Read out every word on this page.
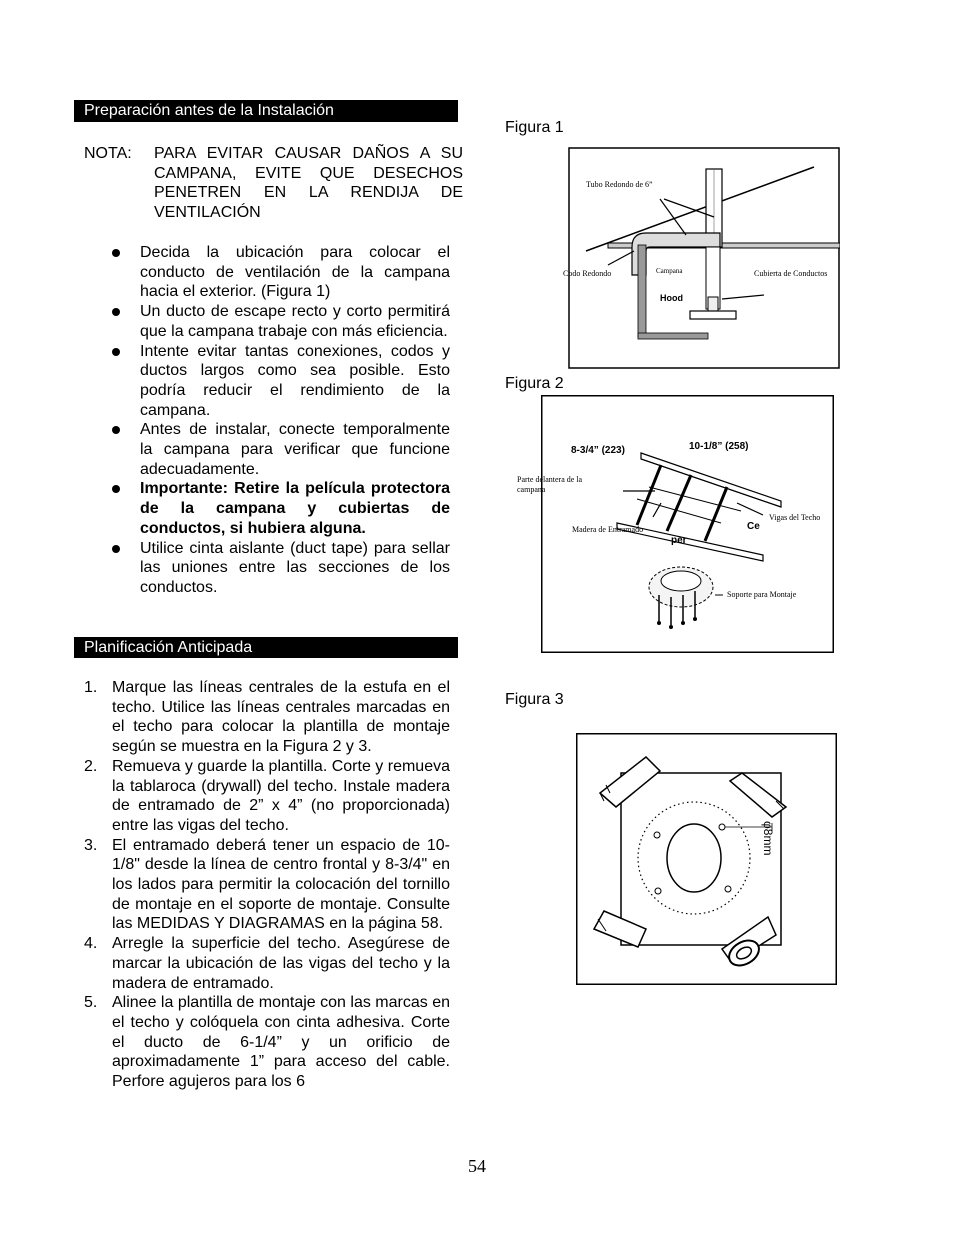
Preparación antes de la Instalación
NOTA: PARA EVITAR CAUSAR DAÑOS A SU CAMPANA, EVITE QUE DESECHOS PENETREN EN LA RENDIJA DE VENTILACIÓN
Decida la ubicación para colocar el conducto de ventilación de la campana hacia el exterior. (Figura 1)
Un ducto de escape recto y corto permitirá que la campana trabaje con más eficiencia.
Intente evitar tantas conexiones, codos y ductos largos como sea posible. Esto podría reducir el rendimiento de la campana.
Antes de instalar, conecte temporalmente la campana para verificar que funcione adecuadamente.
Importante: Retire la película protectora de la campana y cubiertas de conductos, si hubiera alguna.
Utilice cinta aislante (duct tape) para sellar las uniones entre las secciones de los conductos.
Planificación Anticipada
1. Marque las líneas centrales de la estufa en el techo. Utilice las líneas centrales marcadas en el techo para colocar la plantilla de montaje según se muestra en la Figura 2 y 3.
2. Remueva y guarde la plantilla. Corte y remueva la tablaroca (drywall) del techo. Instale madera de entramado de 2” x 4” (no proporcionada) entre las vigas del techo.
3. El entramado deberá tener un espacio de 10-1/8" desde la línea de centro frontal y 8-3/4" en los lados para permitir la colocación del tornillo de montaje en el soporte de montaje. Consulte las MEDIDAS Y DIAGRAMAS en la página 58.
4. Arregle la superficie del techo. Asegúrese de marcar la ubicación de las vigas del techo y la madera de entramado.
5. Alinee la plantilla de montaje con las marcas en el techo y colóquela con cinta adhesiva. Corte el ducto de 6-1/4” y un orificio de aproximadamente 1” para acceso del cable. Perfore agujeros para los 6
Figura 1
Tubo Redondo de 6”
Codo Redondo	Campana	Cubierta de Conductos
Hood
Figura 2
8-3/4” (223)	10-1/8” (258)
Parte delantera de la campana
Madera de Entramado
Vigas del Techo
Soporte para Montaje
per
Ce
Figura 3
φ8mm
54
